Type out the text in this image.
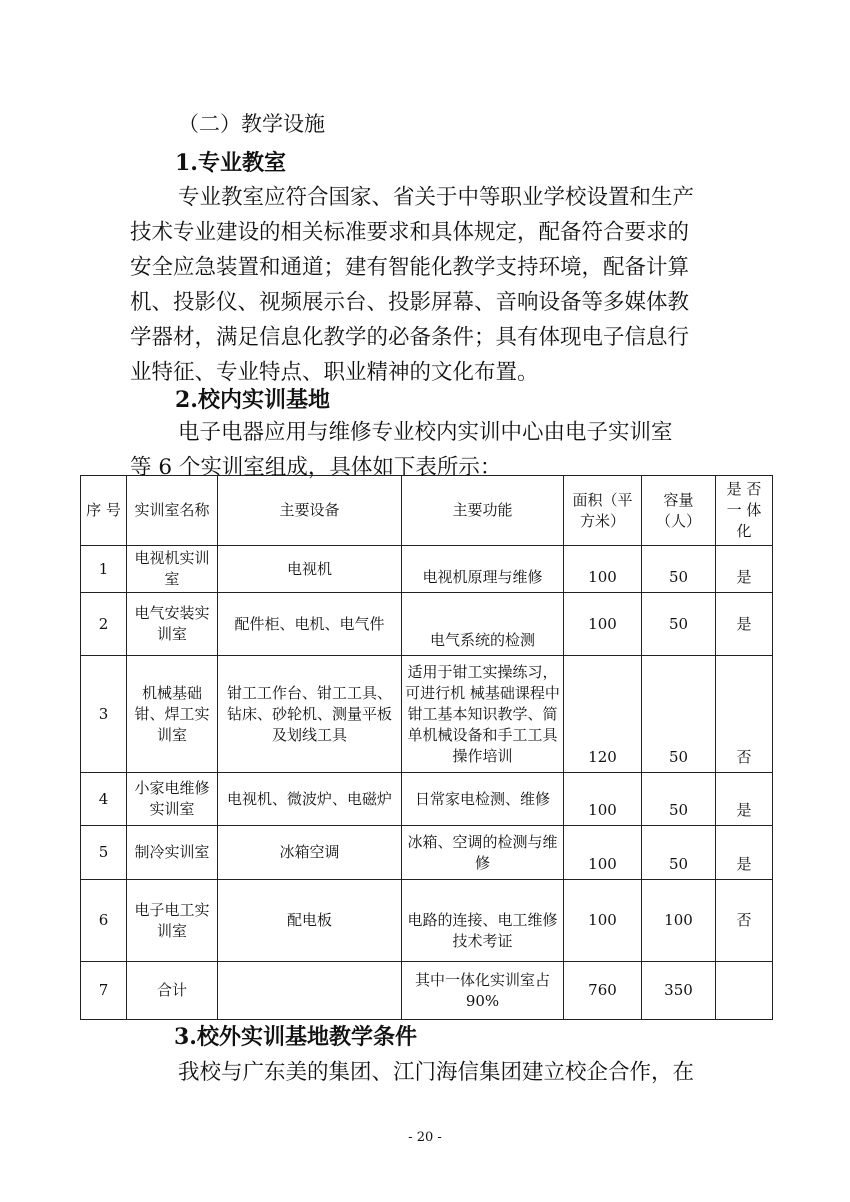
（二）教学设施
1.专业教室
专业教室应符合国家、省关于中等职业学校设置和生产
技术专业建设的相关标准要求和具体规定，配备符合要求的
安全应急装置和通道；建有智能化教学支持环境，配备计算
机、投影仪、视频展示台、投影屏幕、音响设备等多媒体教
学器材，满足信息化教学的必备条件；具有体现电子信息行
业特征、专业特点、职业精神的文化布置。
2.校内实训基地
电子电器应用与维修专业校内实训中心由电子实训室
等 6 个实训室组成，具体如下表所示：
序 号	实训室名称	主要设备	主要功能	面积（平方米）	容量（人）	是 否 一 体 化
1	电视机实训室	电视机	电视机原理与维修	100	50	是
2	电气安装实训室	配件柜、电机、电气件	电气系统的检测	100	50	是
3	机械基础钳、焊工实训室	钳工工作台、钳工工具、钻床、砂轮机、测量平板及划线工具	适用于钳工实操练习，可进行机 械基础课程中钳工基本知识教学、简单机械设备和手工工具操作培训	120	50	否
4	小家电维修实训室	电视机、微波炉、电磁炉	日常家电检测、维修	100	50	是
5	制冷实训室	冰箱空调	冰箱、空调的检测与维修	100	50	是
6	电子电工实训室	配电板	电路的连接、电工维修技术考证	100	100	否
7	合计		其中一体化实训室占90%	760	350	
3.校外实训基地教学条件
我校与广东美的集团、江门海信集团建立校企合作，在
- 20 -
